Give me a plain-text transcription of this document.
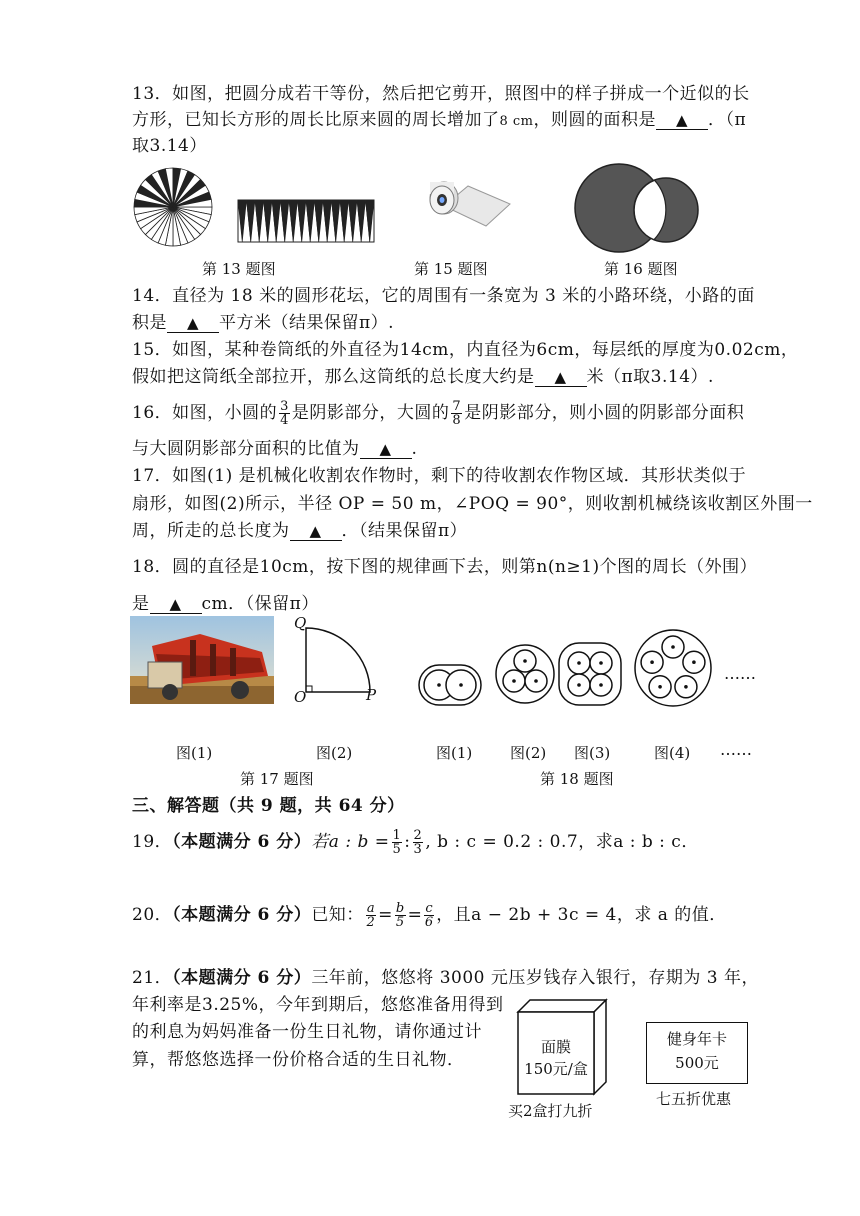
13．如图，把圆分成若干等份，然后把它剪开，照图中的样子拼成一个近似的长
方形，已知长方形的周长比原来圆的周长增加了8 cm，则圆的面积是 ▲ ．（π
取3.14）
第 13 题图	第 15 题图	第 16 题图
14．直径为 18 米的圆形花坛，它的周围有一条宽为 3 米的小路环绕，小路的面
积是 ▲ 平方米（结果保留π）.
15．如图，某种卷筒纸的外直径为14cm，内直径为6cm，每层纸的厚度为0.02cm，
假如把这筒纸全部拉开，那么这筒纸的总长度大约是 ▲ 米（π取3.14）.
16．如图，小圆的 $\frac{3}{4}$ 是阴影部分，大圆的 $\frac{7}{8}$ 是阴影部分，则小圆的阴影部分面积
与大圆阴影部分面积的比值为 ▲ .
17．如图(1) 是机械化收割农作物时，剩下的待收割农作物区域．其形状类似于
扇形，如图(2)所示，半径 OP = 50 m，∠POQ = 90°，则收割机械绕该收割区外围一
周，所走的总长度为 ▲ ．（结果保留π）
18．圆的直径是10cm，按下图的规律画下去，则第n(n≥1)个图的周长（外围）
是 ▲ cm．（保留π）
Q
O	P
……
图(1)	图(2)	图(1)	图(2) 图(3)	图(4) ……
第 17 题图	第 18 题图
三、解答题（共 9 题，共 64 分）
19．（本题满分 6 分）若a : $b = \frac{1}{5}$ : $\frac{2}{3}$ , b : c = 0.2 : 0.7，求a : b : c．
20．（本题满分 6 分）已知： $\frac{a}{2} = \frac{b}{5} = \frac{c}{6}$ ，且a − 2b + 3c = 4，求 a 的值．
21．（本题满分 6 分）三年前，悠悠将 3000 元压岁钱存入银行，存期为 3 年，
年利率是3.25%，今年到期后，悠悠准备用得到
的利息为妈妈准备一份生日礼物，请你通过计
算，帮悠悠选择一份价格合适的生日礼物．
面膜
150元/盒
买2盒打九折
健身年卡
500元
七五折优惠
